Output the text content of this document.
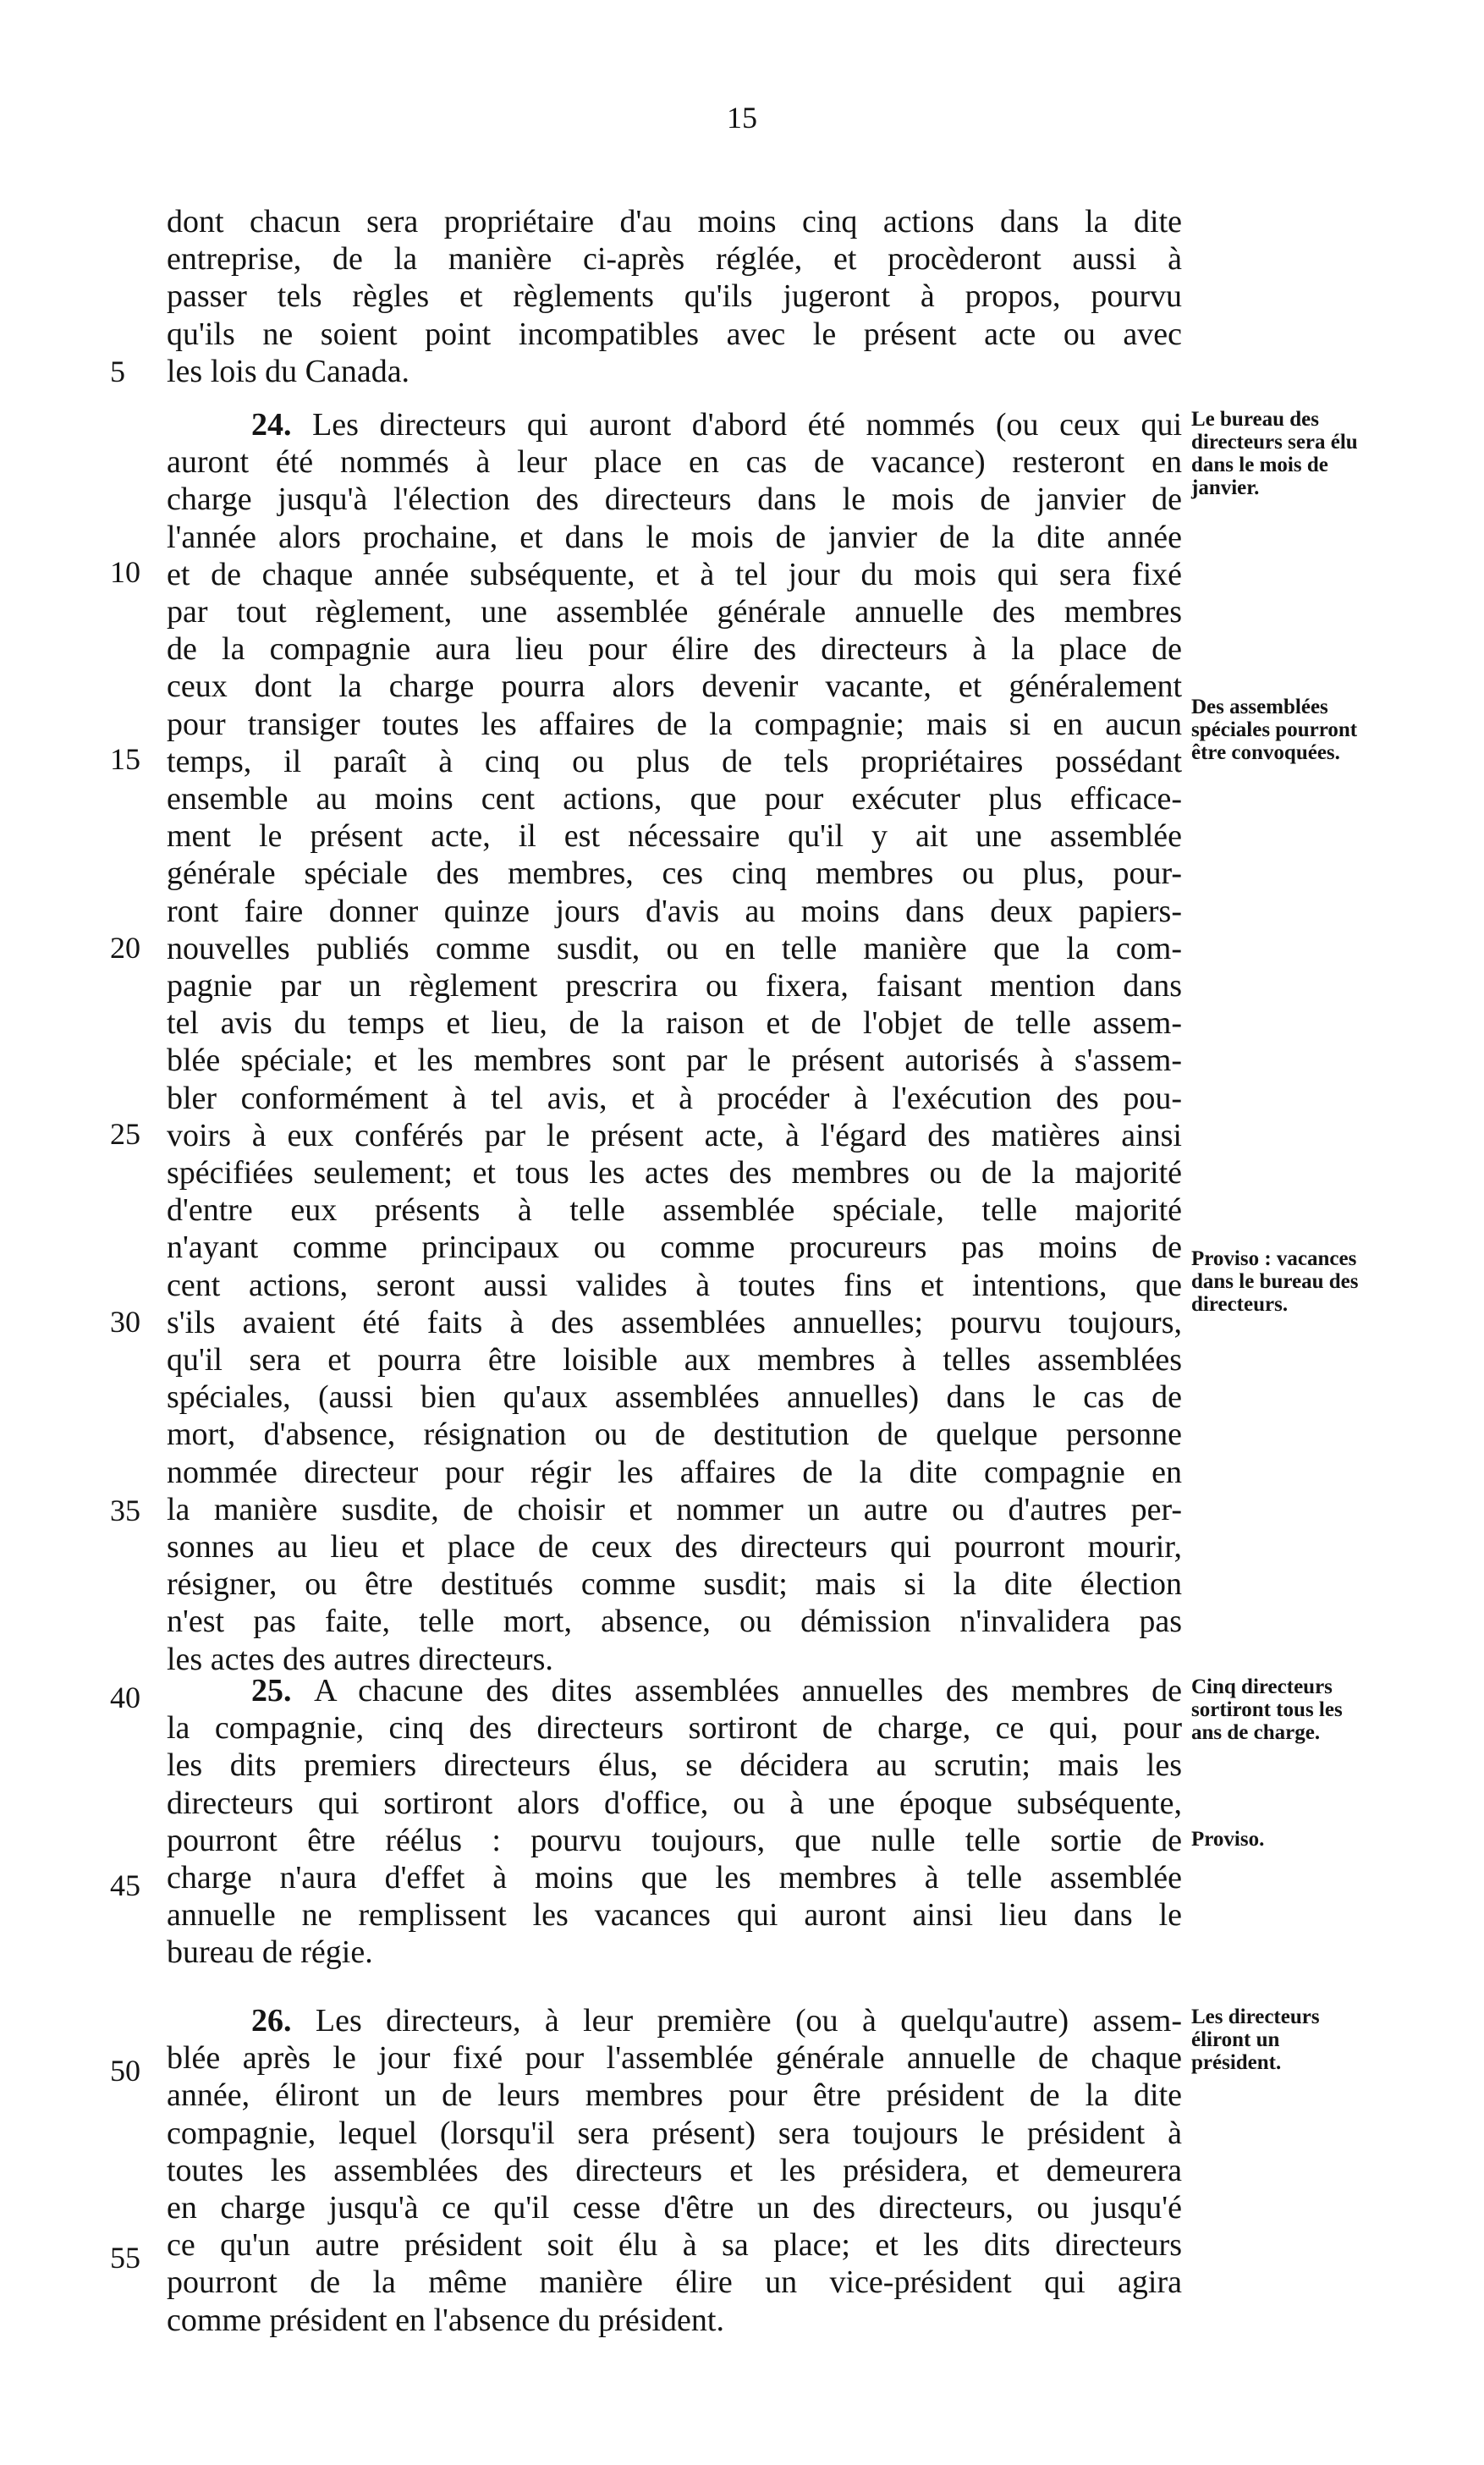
15
dont chacun sera propriétaire d'au moins cinq actions dans la dite
entreprise, de la manière ci-après réglée, et procèderont aussi à
passer tels règles et règlements qu'ils jugeront à propos, pourvu
qu'ils ne soient point incompatibles avec le présent acte ou avec
les lois du Canada.
24. Les directeurs qui auront d'abord été nommés (ou ceux qui
auront été nommés à leur place en cas de vacance) resteront en
charge jusqu'à l'élection des directeurs dans le mois de janvier de
l'année alors prochaine, et dans le mois de janvier de la dite année
et de chaque année subséquente, et à tel jour du mois qui sera fixé
par tout règlement, une assemblée générale annuelle des membres
de la compagnie aura lieu pour élire des directeurs à la place de
ceux dont la charge pourra alors devenir vacante, et généralement
pour transiger toutes les affaires de la compagnie; mais si en aucun
temps, il paraît à cinq ou plus de tels propriétaires possédant
ensemble au moins cent actions, que pour exécuter plus efficace-
ment le présent acte, il est nécessaire qu'il y ait une assemblée
générale spéciale des membres, ces cinq membres ou plus, pour-
ront faire donner quinze jours d'avis au moins dans deux papiers-
nouvelles publiés comme susdit, ou en telle manière que la com-
pagnie par un règlement prescrira ou fixera, faisant mention dans
tel avis du temps et lieu, de la raison et de l'objet de telle assem-
blée spéciale; et les membres sont par le présent autorisés à s'assem-
bler conformément à tel avis, et à procéder à l'exécution des pou-
voirs à eux conférés par le présent acte, à l'égard des matières ainsi
spécifiées seulement; et tous les actes des membres ou de la majorité
d'entre eux présents à telle assemblée spéciale, telle majorité
n'ayant comme principaux ou comme procureurs pas moins de
cent actions, seront aussi valides à toutes fins et intentions, que
s'ils avaient été faits à des assemblées annuelles; pourvu toujours,
qu'il sera et pourra être loisible aux membres à telles assemblées
spéciales, (aussi bien qu'aux assemblées annuelles) dans le cas de
mort, d'absence, résignation ou de destitution de quelque personne
nommée directeur pour régir les affaires de la dite compagnie en
la manière susdite, de choisir et nommer un autre ou d'autres per-
sonnes au lieu et place de ceux des directeurs qui pourront mourir,
résigner, ou être destitués comme susdit; mais si la dite élection
n'est pas faite, telle mort, absence, ou démission n'invalidera pas
les actes des autres directeurs.
25. A chacune des dites assemblées annuelles des membres de
la compagnie, cinq des directeurs sortiront de charge, ce qui, pour
les dits premiers directeurs élus, se décidera au scrutin; mais les
directeurs qui sortiront alors d'office, ou à une époque subséquente,
pourront être réélus : pourvu toujours, que nulle telle sortie de
charge n'aura d'effet à moins que les membres à telle assemblée
annuelle ne remplissent les vacances qui auront ainsi lieu dans le
bureau de régie.
26. Les directeurs, à leur première (ou à quelqu'autre) assem-
blée après le jour fixé pour l'assemblée générale annuelle de chaque
année, éliront un de leurs membres pour être président de la dite
compagnie, lequel (lorsqu'il sera présent) sera toujours le président à
toutes les assemblées des directeurs et les présidera, et demeurera
en charge jusqu'à ce qu'il cesse d'être un des directeurs, ou jusqu'é
ce qu'un autre président soit élu à sa place; et les dits directeurs
pourront de la même manière élire un vice-président qui agira
comme président en l'absence du président.
5
10
15
20
25
30
35
40
45
50
55
Le bureau des directeurs sera élu dans le mois de janvier.
Des assemblées spéciales pourront être convoquées.
Proviso : vacances dans le bureau des directeurs.
Cinq directeurs sortiront tous les ans de charge.
Proviso.
Les directeurs éliront un président.
